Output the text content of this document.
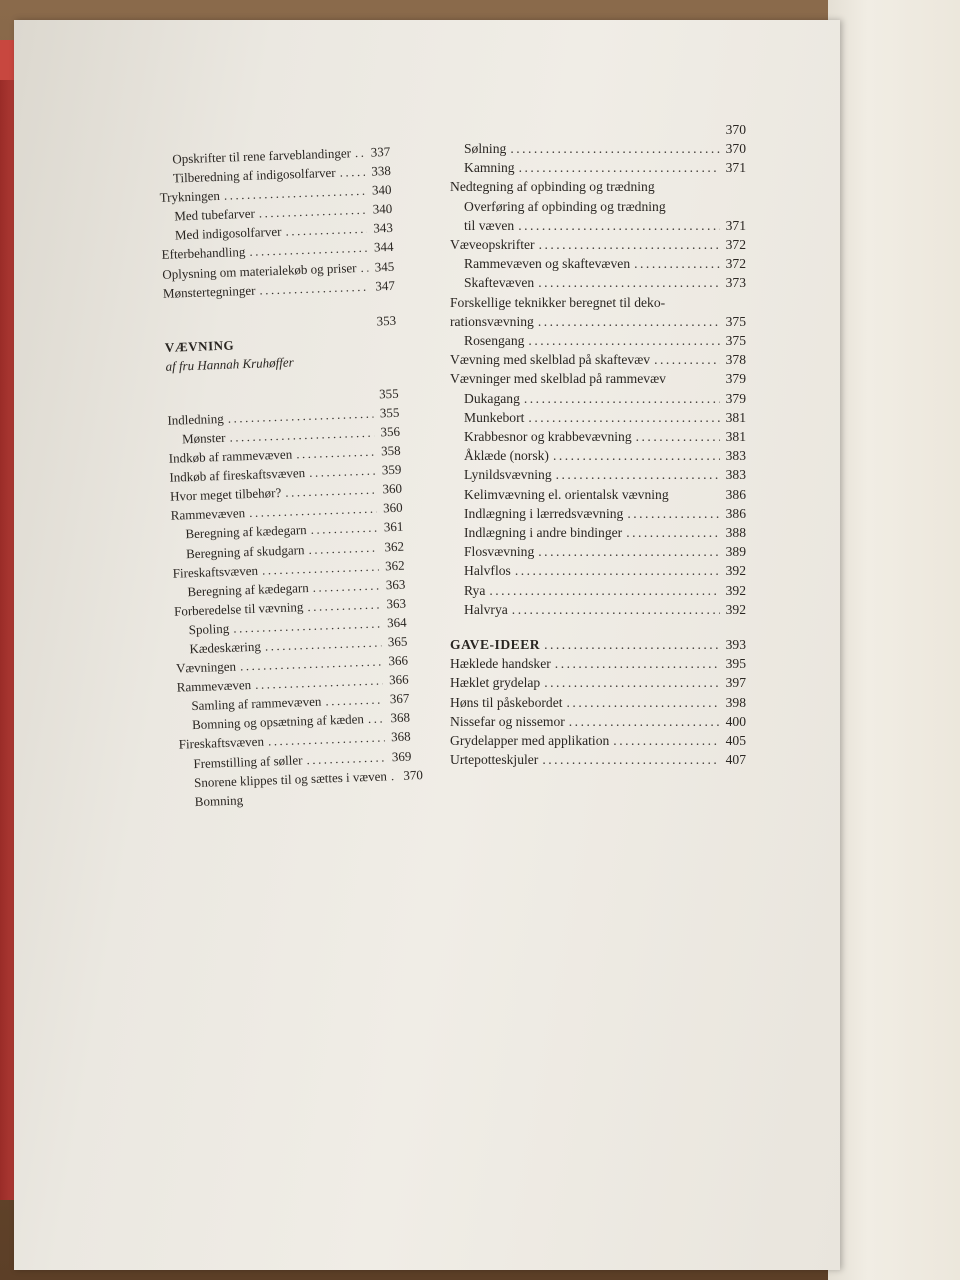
Opskrifter til rene farveblandinger ..... 337
Tilberedning af indigosolfarver .....	338
Trykningen .....	340
Med tubefarver .....	340
Med indigosolfarver .....	343
Efterbehandling .....	344
Oplysning om materialekøb og priser ..... 345
Mønstertegninger .....	347
353
VÆVNING
af fru Hannah Kruhøffer
355
Indledning .....	355
Mønster .....	356
Indkøb af rammevæven .....	358
Indkøb af fireskaftsvæven .....	359
Hvor meget tilbehør? .....	360
Rammevæven .....	360
Beregning af kædegarn .....	361
Beregning af skudgarn .....	362
Fireskaftsvæven .....	362
Beregning af kædegarn .....	363
Forberedelse til vævning .....	363
Spoling .....	364
Kædeskæring .....	365
Vævningen .....	366
Rammevæven .....	366
Samling af rammevæven .....	367
Bomning og opsætning af kæden ..... 368
Fireskaftsvæven .....	368
Fremstilling af søller .....	369
Snorene klippes til og sættes i væven ..... 370
Bomning
370
Sølning .....	370
Kamning .....	371
Nedtegning af opbinding og trædning
Overføring af opbinding og trædning
til væven .....	371
Væveopskrifter .....	372
Rammevæven og skaftevæven .....	372
Skaftevæven .....	373
Forskellige teknikker beregnet til deko-
rationsvævning .....	375
Rosengang .....	375
Vævning med skelblad på skaftevæv .....	378
Vævninger med skelblad på rammevæv	379
Dukagang .....	379
Munkebort .....	381
Krabbesnor og krabbevævning .....	381
Åklæde (norsk) .....	383
Lynildsvævning .....	383
Kelimvævning el. orientalsk vævning	386
Indlægning i lærredsvævning .....	386
Indlægning i andre bindinger .....	388
Flosvævning .....	389
Halvflos .....	392
Rya .....	392
Halvrya .....	392
GAVE-IDEER .....	393
Hæklede handsker .....	395
Hæklet grydelap .....	397
Høns til påskebordet .....	398
Nissefar og nissemor .....	400
Grydelapper med applikation .....	405
Urtepotteskjuler .....	407
